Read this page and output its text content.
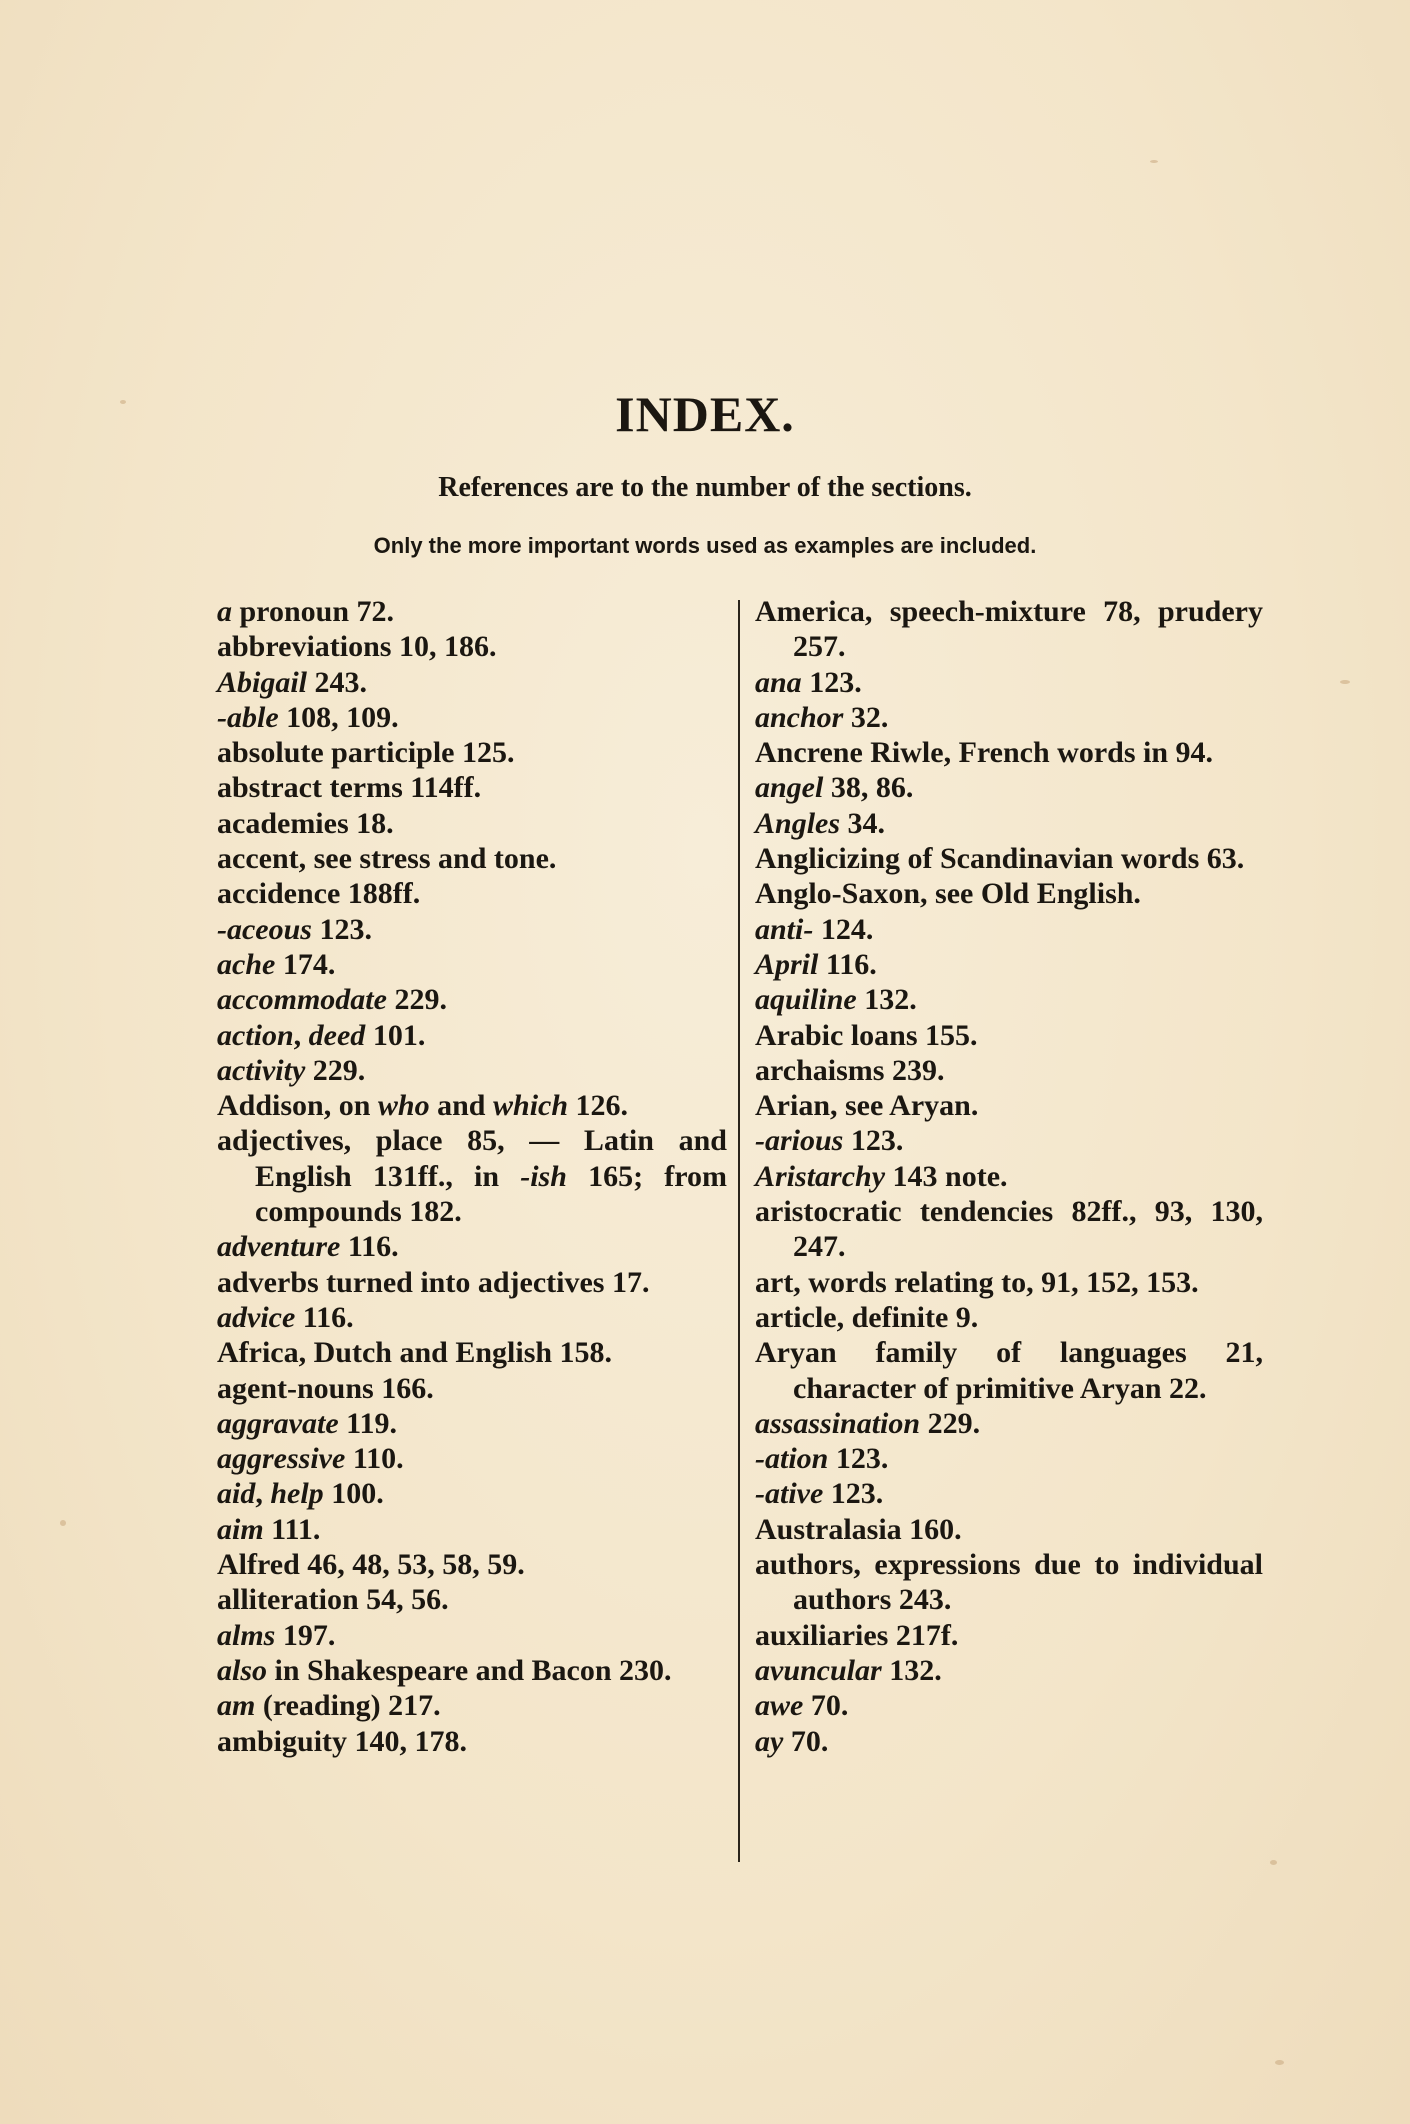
INDEX.
References are to the number of the sections.
Only the more important words used as examples are included.
a pronoun 72.
abbreviations 10, 186.
Abigail 243.
-able 108, 109.
absolute participle 125.
abstract terms 114ff.
academies 18.
accent, see stress and tone.
accidence 188ff.
-aceous 123.
ache 174.
accommodate 229.
action, deed 101.
activity 229.
Addison, on who and which 126.
adjectives, place 85, — Latin and English 131ff., in -ish 165; from compounds 182.
adventure 116.
adverbs turned into adjectives 17.
advice 116.
Africa, Dutch and English 158.
agent-nouns 166.
aggravate 119.
aggressive 110.
aid, help 100.
aim 111.
Alfred 46, 48, 53, 58, 59.
alliteration 54, 56.
alms 197.
also in Shakespeare and Bacon 230.
am (reading) 217.
ambiguity 140, 178.
America, speech-mixture 78, prudery 257.
ana 123.
anchor 32.
Ancrene Riwle, French words in 94.
angel 38, 86.
Angles 34.
Anglicizing of Scandinavian words 63.
Anglo-Saxon, see Old English.
anti- 124.
April 116.
aquiline 132.
Arabic loans 155.
archaisms 239.
Arian, see Aryan.
-arious 123.
Aristarchy 143 note.
aristocratic tendencies 82ff., 93, 130, 247.
art, words relating to, 91, 152, 153.
article, definite 9.
Aryan family of languages 21, character of primitive Aryan 22.
assassination 229.
-ation 123.
-ative 123.
Australasia 160.
authors, expressions due to individual authors 243.
auxiliaries 217f.
avuncular 132.
awe 70.
ay 70.
